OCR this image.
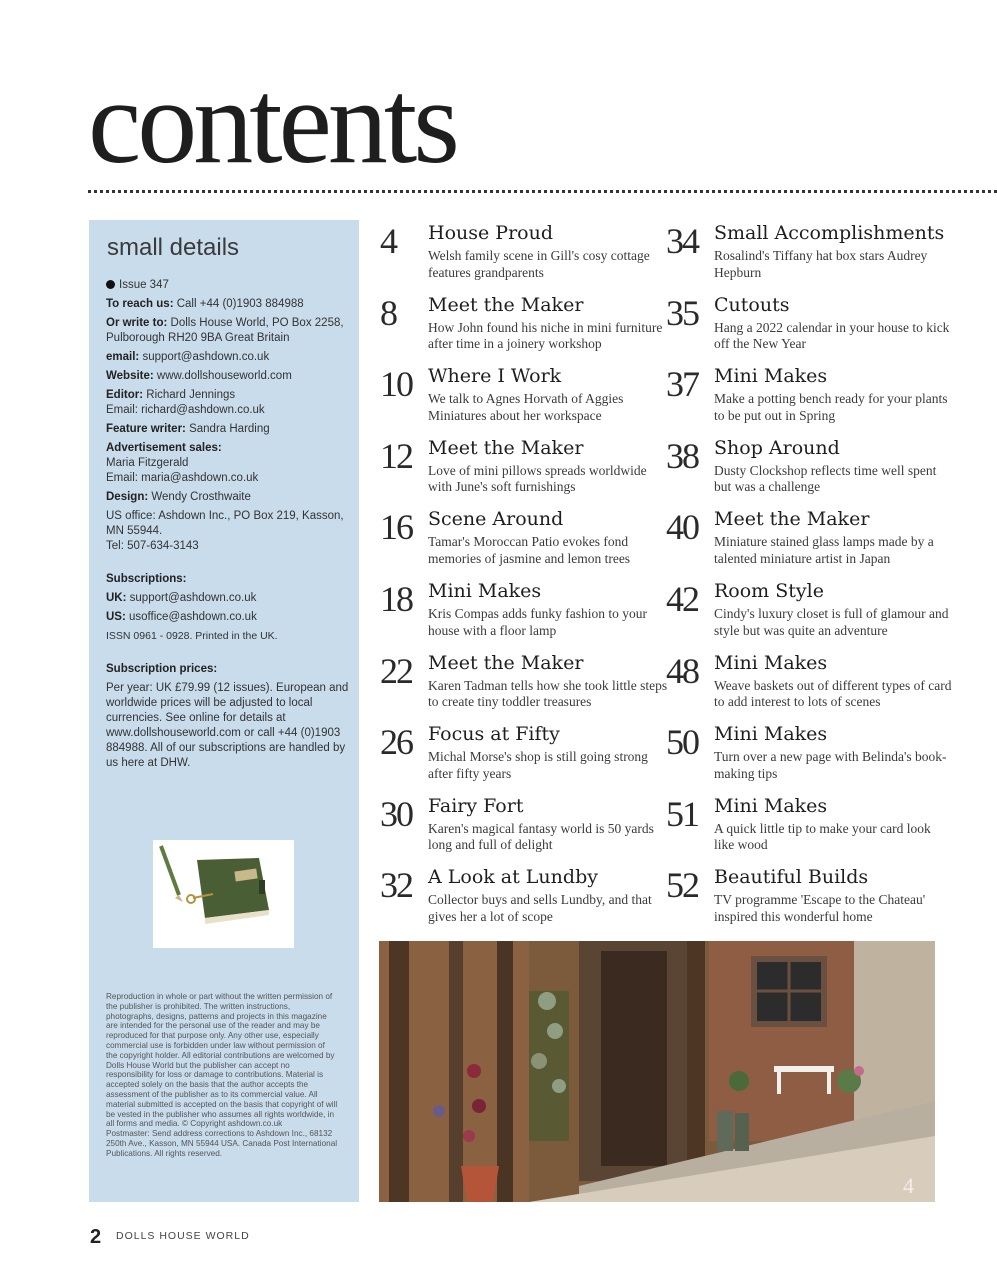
contents
small details

Issue 347

To reach us: Call +44 (0)1903 884988

Or write to: Dolls House World, PO Box 2258, Pulborough RH20 9BA Great Britain

email: support@ashdown.co.uk

Website: www.dollshouseworld.com

Editor: Richard Jennings
Email: richard@ashdown.co.uk

Feature writer: Sandra Harding

Advertisement sales:
Maria Fitzgerald
Email: maria@ashdown.co.uk

Design: Wendy Crosthwaite

US office: Ashdown Inc., PO Box 219, Kasson, MN 55944.
Tel: 507-634-3143

Subscriptions:

UK: support@ashdown.co.uk

US: usoffice@ashdown.co.uk

ISSN 0961 - 0928. Printed in the UK.

Subscription prices:

Per year: UK £79.99 (12 issues). European and worldwide prices will be adjusted to local currencies. See online for details at www.dollshouseworld.com or call +44 (0)1903 884988. All of our subscriptions are handled by us here at DHW.

Reproduction in whole or part without the written permission of the publisher is prohibited. The written instructions, photographs, designs, patterns and projects in this magazine are intended for the personal use of the reader and may be reproduced for that purpose only. Any other use, especially commercial use is forbidden under law without permission of the copyright holder. All editorial contributions are welcomed by Dolls House World but the publisher can accept no responsibility for loss or damage to contributions. Material is accepted solely on the basis that the author accepts the assessment of the publisher as to its commercial value. All material submitted is accepted on the basis that copyright of will be vested in the publisher who assumes all rights worldwide, in all forms and media. © Copyright ashdown.co.uk

Postmaster: Send address corrections to Ashdown Inc., 68132 250th Ave., Kasson, MN 55944 USA. Canada Post International Publications. All rights reserved.

4 House Proud
Welsh family scene in Gill's cosy cottage features grandparents
8 Meet the Maker
How John found his niche in mini furniture after time in a joinery workshop
10 Where I Work
We talk to Agnes Horvath of Aggies Miniatures about her workspace
12 Meet the Maker
Love of mini pillows spreads worldwide with June's soft furnishings
16 Scene Around
Tamar's Moroccan Patio evokes fond memories of jasmine and lemon trees
18 Mini Makes
Kris Compas adds funky fashion to your house with a floor lamp
22 Meet the Maker
Karen Tadman tells how she took little steps to create tiny toddler treasures
26 Focus at Fifty
Michal Morse's shop is still going strong after fifty years
30 Fairy Fort
Karen's magical fantasy world is 50 yards long and full of delight
32 A Look at Lundby
Collector buys and sells Lundby, and that gives her a lot of scope
34 Small Accomplishments
Rosalind's Tiffany hat box stars Audrey Hepburn
35 Cutouts
Hang a 2022 calendar in your house to kick off the New Year
37 Mini Makes
Make a potting bench ready for your plants to be put out in Spring
38 Shop Around
Dusty Clockshop reflects time well spent but was a challenge
40 Meet the Maker
Miniature stained glass lamps made by a talented miniature artist in Japan
42 Room Style
Cindy's luxury closet is full of glamour and style but was quite an adventure
48 Mini Makes
Weave baskets out of different types of card to add interest to lots of scenes
50 Mini Makes
Turn over a new page with Belinda's book-making tips
51 Mini Makes
A quick little tip to make your card look like wood
52 Beautiful Builds
TV programme 'Escape to the Chateau' inspired this wonderful home
4
2 DOLLS HOUSE WORLD
